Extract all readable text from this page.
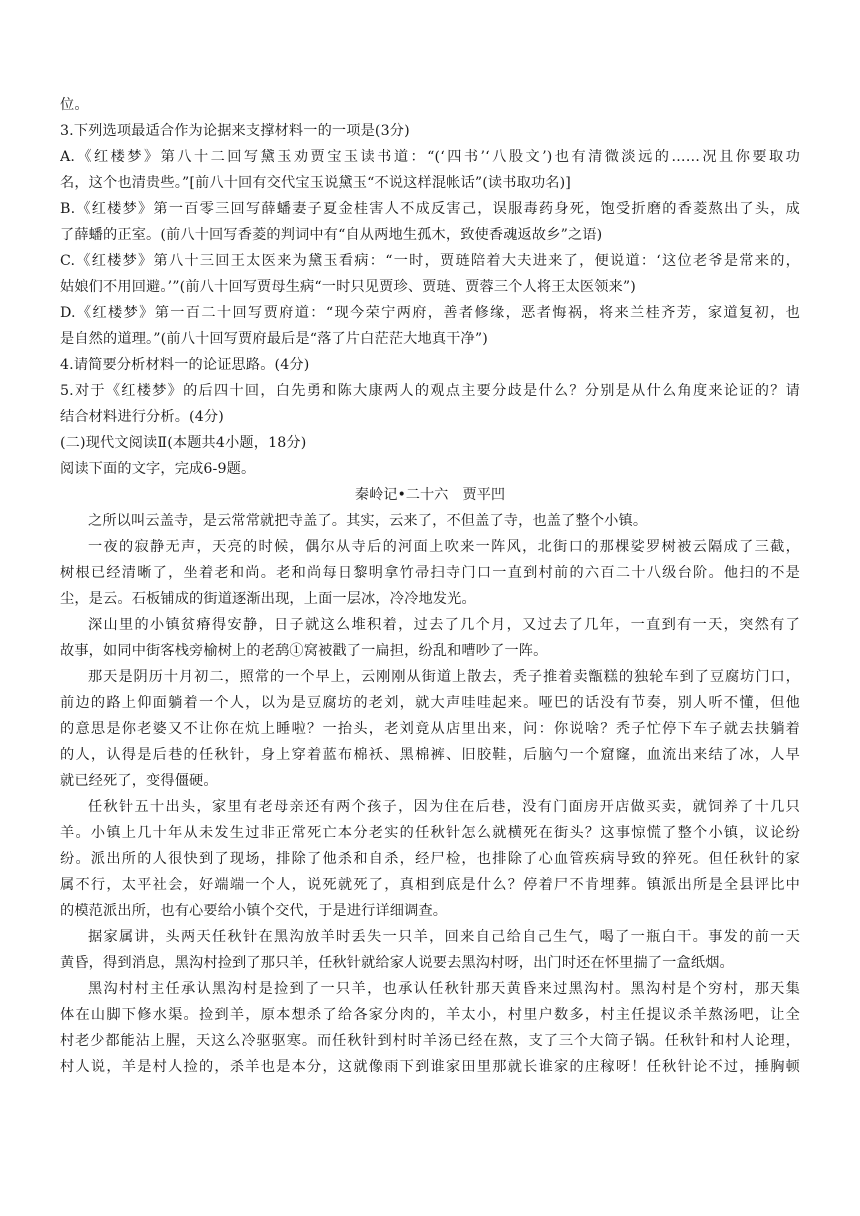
位。
3.下列选项最适合作为论据来支撑材料一的一项是(3分)
A.《红楼梦》第八十二回写黛玉劝贾宝玉读书道：“(‘四书’‘八股文’)也有清微淡远的……况且你要取功
名，这个也清贵些。”[前八十回有交代宝玉说黛玉“不说这样混帐话”(读书取功名)]
B.《红楼梦》第一百零三回写薛蟠妻子夏金桂害人不成反害己，误服毒药身死，饱受折磨的香菱熬出了头，成
了薛蟠的正室。(前八十回写香菱的判词中有“自从两地生孤木，致使香魂返故乡”之语)
C.《红楼梦》第八十三回王太医来为黛玉看病：“一时，贾琏陪着大夫进来了，便说道：‘这位老爷是常来的，
姑娘们不用回避。’”(前八十回写贾母生病“一时只见贾珍、贾琏、贾蓉三个人将王太医领来”)
D.《红楼梦》第一百二十回写贾府道：“现今荣宁两府，善者修缘，恶者悔祸，将来兰桂齐芳，家道复初，也
是自然的道理。”(前八十回写贾府最后是“落了片白茫茫大地真干净”)
4.请简要分析材料一的论证思路。(4分)
5.对于《红楼梦》的后四十回，白先勇和陈大康两人的观点主要分歧是什么？分别是从什么角度来论证的？请
结合材料进行分析。(4分)
(二)现代文阅读Ⅱ(本题共4小题，18分)
阅读下面的文字，完成6-9题。
秦岭记•二十六　贾平凹
之所以叫云盖寺，是云常常就把寺盖了。其实，云来了，不但盖了寺，也盖了整个小镇。
一夜的寂静无声，天亮的时候，偶尔从寺后的河面上吹来一阵风，北街口的那棵娑罗树被云隔成了三截，
树根已经清晰了，坐着老和尚。老和尚每日黎明拿竹帚扫寺门口一直到村前的六百二十八级台阶。他扫的不是
尘，是云。石板铺成的街道逐渐出现，上面一层冰，冷冷地发光。
深山里的小镇贫瘠得安静，日子就这么堆积着，过去了几个月，又过去了几年，一直到有一天，突然有了
故事，如同中街客栈旁榆树上的老鸹①窝被戳了一扁担，纷乱和嘈吵了一阵。
那天是阴历十月初二，照常的一个早上，云刚刚从街道上散去，秃子推着卖甑糕的独轮车到了豆腐坊门口，
前边的路上仰面躺着一个人，以为是豆腐坊的老刘，就大声哇哇起来。哑巴的话没有节奏，别人听不懂，但他
的意思是你老婆又不让你在炕上睡啦？一抬头，老刘竟从店里出来，问：你说啥？秃子忙停下车子就去扶躺着
的人，认得是后巷的任秋针，身上穿着蓝布棉袄、黑棉裤、旧胶鞋，后脑勺一个窟窿，血流出来结了冰，人早
就已经死了，变得僵硬。
任秋针五十出头，家里有老母亲还有两个孩子，因为住在后巷，没有门面房开店做买卖，就饲养了十几只
羊。小镇上几十年从未发生过非正常死亡本分老实的任秋针怎么就横死在街头？这事惊慌了整个小镇，议论纷
纷。派出所的人很快到了现场，排除了他杀和自杀，经尸检，也排除了心血管疾病导致的猝死。但任秋针的家
属不行，太平社会，好端端一个人，说死就死了，真相到底是什么？停着尸不肯埋葬。镇派出所是全县评比中
的模范派出所，也有心要给小镇个交代，于是进行详细调查。
据家属讲，头两天任秋针在黑沟放羊时丢失一只羊，回来自己给自己生气，喝了一瓶白干。事发的前一天
黄昏，得到消息，黑沟村捡到了那只羊，任秋针就给家人说要去黑沟村呀，出门时还在怀里揣了一盒纸烟。
黑沟村村主任承认黑沟村是捡到了一只羊，也承认任秋针那天黄昏来过黑沟村。黑沟村是个穷村，那天集
体在山脚下修水渠。捡到羊，原本想杀了给各家分肉的，羊太小，村里户数多，村主任提议杀羊熬汤吧，让全
村老少都能沾上腥，天这么冷驱驱寒。而任秋针到村时羊汤已经在熬，支了三个大筒子锅。任秋针和村人论理，
村人说，羊是村人捡的，杀羊也是本分，这就像雨下到谁家田里那就长谁家的庄稼呀！任秋针论不过，捶胸顿
